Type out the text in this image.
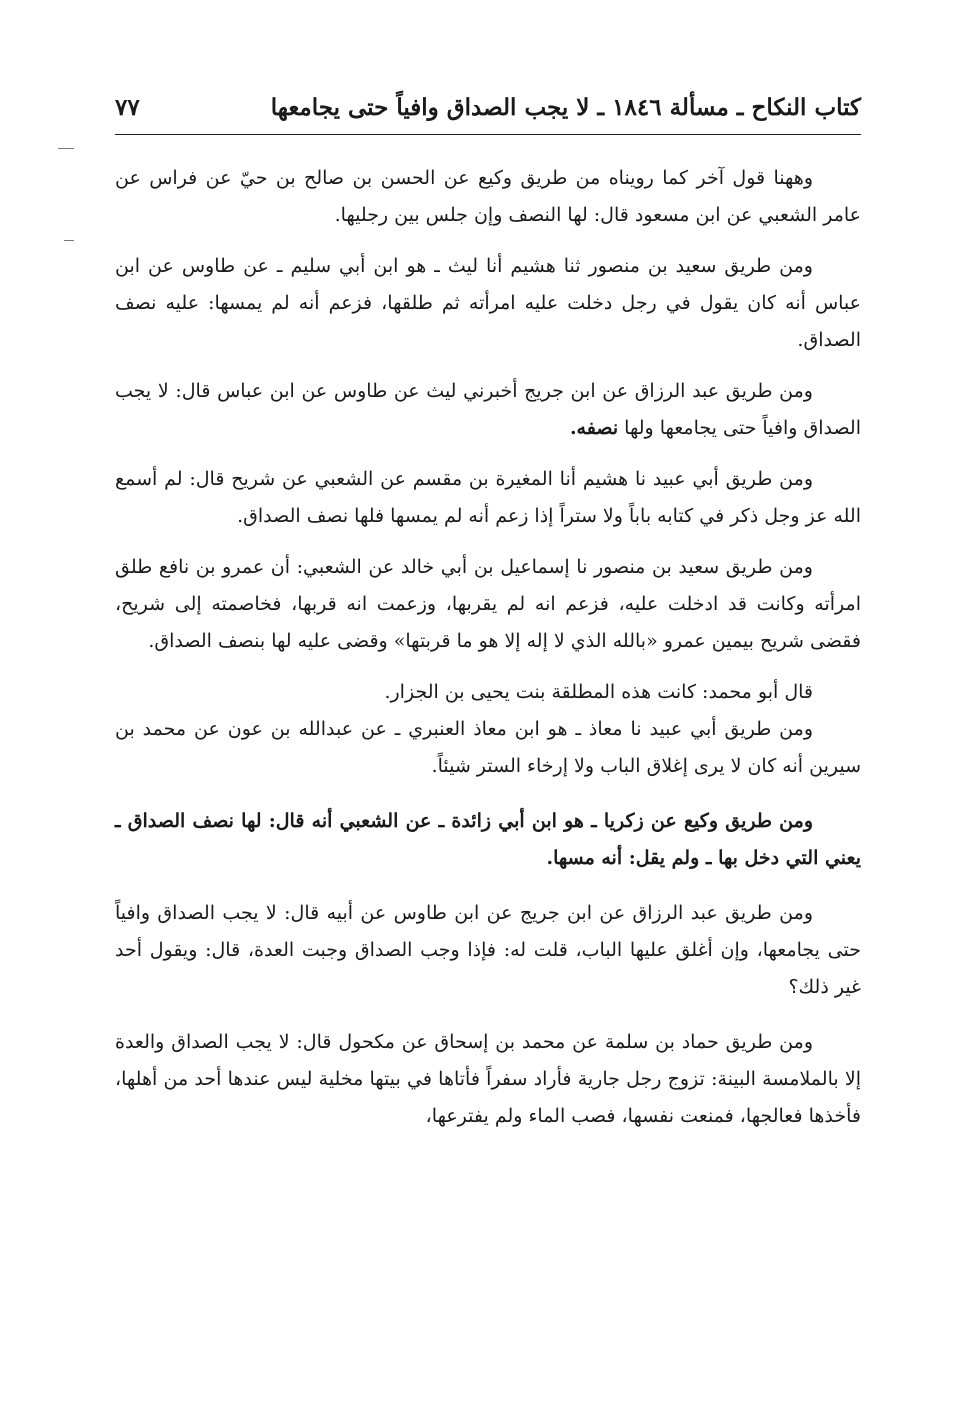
كتاب النكاح ـ مسألة ١٨٤٦ ـ لا يجب الصداق وافياً حتى يجامعها
٧٧

وههنا قول آخر كما رويناه من طريق وكيع عن الحسن بن صالح بن حيّ عن فراس عن عامر الشعبي عن ابن مسعود قال: لها النصف وإن جلس بين رجليها.

ومن طريق سعيد بن منصور ثنا هشيم أنا ليث ـ هو ابن أبي سليم ـ عن طاوس عن ابن عباس أنه كان يقول في رجل دخلت عليه امرأته ثم طلقها، فزعم أنه لم يمسها: عليه نصف الصداق.

ومن طريق عبد الرزاق عن ابن جريج أخبرني ليث عن طاوس عن ابن عباس قال: لا يجب الصداق وافياً حتى يجامعها ولها نصفه.

ومن طريق أبي عبيد نا هشيم أنا المغيرة بن مقسم عن الشعبي عن شريح قال: لم أسمع الله عز وجل ذكر في كتابه باباً ولا ستراً إذا زعم أنه لم يمسها فلها نصف الصداق.

ومن طريق سعيد بن منصور نا إسماعيل بن أبي خالد عن الشعبي: أن عمرو بن نافع طلق امرأته وكانت قد ادخلت عليه، فزعم انه لم يقربها، وزعمت انه قربها، فخاصمته إلى شريح، فقضى شريح بيمين عمرو «بالله الذي لا إله إلا هو ما قربتها» وقضى عليه لها بنصف الصداق.

قال أبو محمد: كانت هذه المطلقة بنت يحيى بن الجزار.

ومن طريق أبي عبيد نا معاذ ـ هو ابن معاذ العنبري ـ عن عبدالله بن عون عن محمد بن سيرين أنه كان لا يرى إغلاق الباب ولا إرخاء الستر شيئاً.

ومن طريق وكيع عن زكريا ـ هو ابن أبي زائدة ـ عن الشعبي أنه قال: لها نصف الصداق ـ يعني التي دخل بها ـ ولم يقل: أنه مسها.

ومن طريق عبد الرزاق عن ابن جريج عن ابن طاوس عن أبيه قال: لا يجب الصداق وافياً حتى يجامعها، وإن أغلق عليها الباب، قلت له: فإذا وجب الصداق وجبت العدة، قال: ويقول أحد غير ذلك؟

ومن طريق حماد بن سلمة عن محمد بن إسحاق عن مكحول قال: لا يجب الصداق والعدة إلا بالملامسة البينة: تزوج رجل جارية فأراد سفراً فأتاها في بيتها مخلية ليس عندها أحد من أهلها، فأخذها فعالجها، فمنعت نفسها، فصب الماء ولم يفترعها،
